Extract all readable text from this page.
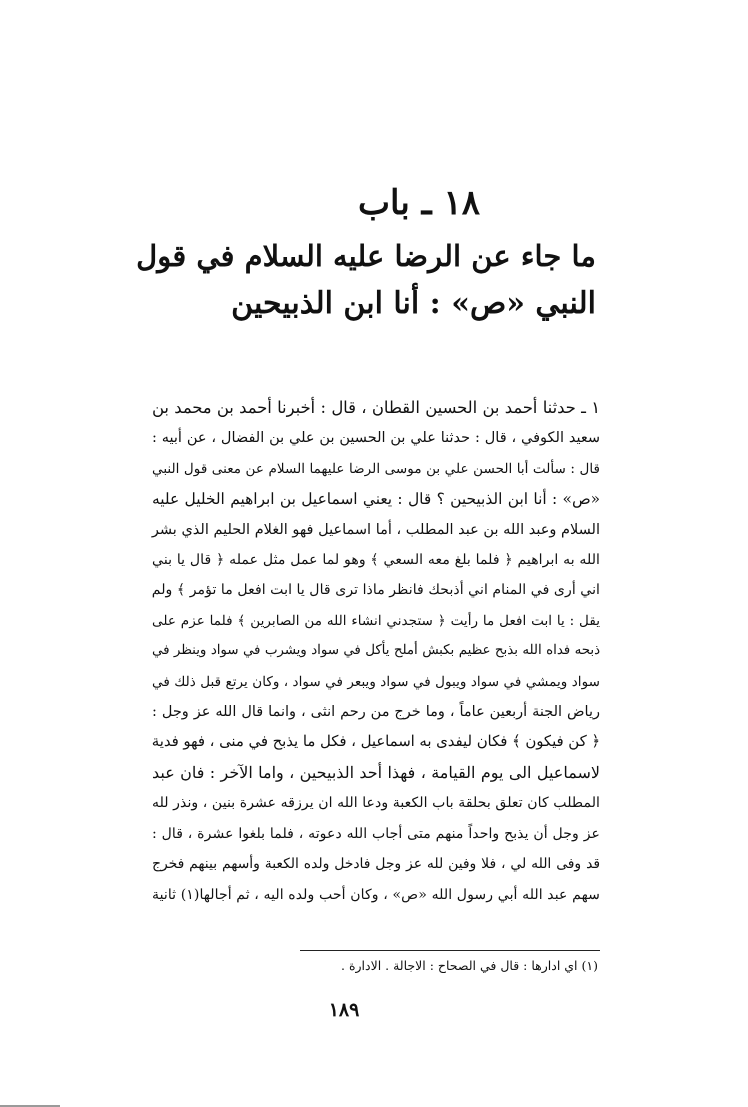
١٨ ـ باب
ما جاء عن الرضا عليه السلام في قول
النبي «ص» : أنا ابن الذبيحين
١ ـ حدثنا أحمد بن الحسين القطان ، قال : أخبرنا أحمد بن محمد بن
سعيد الكوفي ، قال : حدثنا علي بن الحسين بن علي بن الفضال ، عن أبيه :
قال : سألت أبا الحسن علي بن موسى الرضا عليهما السلام عن معنى قول النبي
«ص» : أنا ابن الذبيحين ؟ قال : يعني اسماعيل بن ابراهيم الخليل عليه
السلام وعبد الله بن عبد المطلب ، أما اسماعيل فهو الغلام الحليم الذي بشر
الله به ابراهيم ﴿ فلما بلغ معه السعي ﴾ وهو لما عمل مثل عمله ﴿ قال يا بني
اني أرى في المنام اني أذبحك فانظر ماذا ترى قال يا ابت افعل ما تؤمر ﴾ ولم
يقل : يا ابت افعل ما رأيت ﴿ ستجدني انشاء الله من الصابرين ﴾ فلما عزم على
ذبحه فداه الله بذبح عظيم بكبش أملح يأكل في سواد ويشرب في سواد وينظر في
سواد ويمشي في سواد ويبول في سواد ويبعر في سواد ، وكان يرتع قبل ذلك في
رياض الجنة أربعين عاماً ، وما خرج من رحم انثى ، وانما قال الله عز وجل :
﴿ كن فيكون ﴾ فكان ليفدى به اسماعيل ، فكل ما يذبح في منى ، فهو فدية
لاسماعيل الى يوم القيامة ، فهذا أحد الذبيحين ، واما الآخر : فان عبد
المطلب كان تعلق بحلقة باب الكعبة ودعا الله ان يرزقه عشرة بنين ، ونذر لله
عز وجل أن يذبح واحداً منهم متى أجاب الله دعوته ، فلما بلغوا عشرة ، قال :
قد وفى الله لي ، فلا وفين لله عز وجل فادخل ولده الكعبة وأسهم بينهم فخرج
سهم عبد الله أبي رسول الله «ص» ، وكان أحب ولده اليه ، ثم أجالها(١) ثانية
(١) اي ادارها : قال في الصحاح : الاجالة . الادارة .
١٨٩
